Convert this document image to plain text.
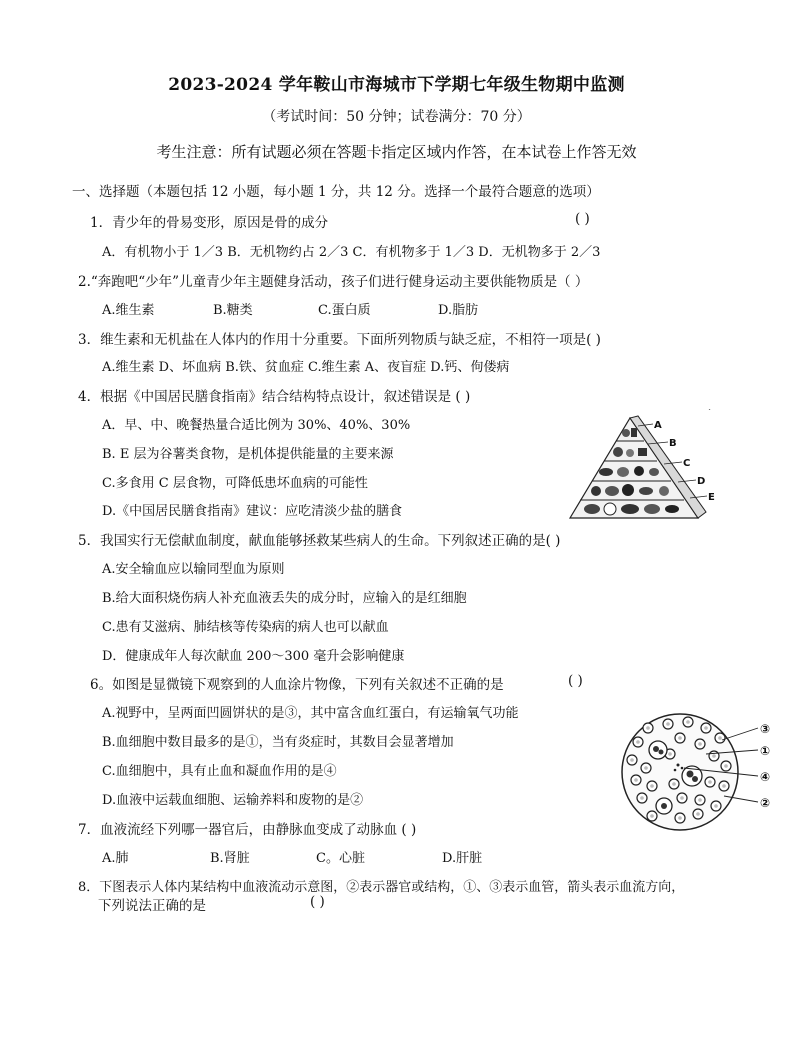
2023-2024 学年鞍山市海城市下学期七年级生物期中监测
（考试时间：50 分钟；试卷满分：70 分）
考生注意：所有试题必须在答题卡指定区域内作答，在本试卷上作答无效
一、选择题（本题包括 12 小题，每小题 1 分，共 12 分。选择一个最符合题意的选项）
1．青少年的骨易变形，原因是骨的成分	( )
A．有机物小于 1／3 B．无机物约占 2／3 C．有机物多于 1／3 D．无机物多于 2／3
2.“奔跑吧“少年”儿童青少年主题健身活动，孩子们进行健身运动主要供能物质是（ ）
A.维生素	B.糖类	C.蛋白质	D.脂肪
3．维生素和无机盐在人体内的作用十分重要。下面所列物质与缺乏症，不相符一项是( )
A.维生素 D、坏血病 B.铁、贫血症 C.维生素 A、夜盲症 D.钙、佝偻病
4．根据《中国居民膳食指南》结合结构特点设计，叙述错误是 ( )
A．早、中、晚餐热量合适比例为 30%、40%、30%
B. E 层为谷薯类食物，是机体提供能量的主要来源
C.多食用 C 层食物，可降低患坏血病的可能性
D.《中国居民膳食指南》建议：应吃清淡少盐的膳食
A
B
C
D
E
5．我国实行无偿献血制度，献血能够拯救某些病人的生命。下列叙述正确的是( )
A.安全输血应以输同型血为原则
B.给大面积烧伤病人补充血液丢失的成分时，应输入的是红细胞
C.患有艾滋病、肺结核等传染病的病人也可以献血
D．健康成年人每次献血 200～300 毫升会影响健康
6。如图是显微镜下观察到的人血涂片物像，下列有关叙述不正确的是	( )
A.视野中，呈两面凹圆饼状的是③，其中富含血红蛋白，有运输氧气功能
B.血细胞中数目最多的是①，当有炎症时，其数目会显著增加
C.血细胞中，具有止血和凝血作用的是④
D.血液中运载血细胞、运输养料和废物的是②
③
①
④
②
7．血液流经下列哪一器官后，由静脉血变成了动脉血 ( )
A.肺	B.肾脏	C。心脏	D.肝脏
8．下图表示人体内某结构中血液流动示意图，②表示器官或结构，①、③表示血管，箭头表示血流方向，
下列说法正确的是	( )
